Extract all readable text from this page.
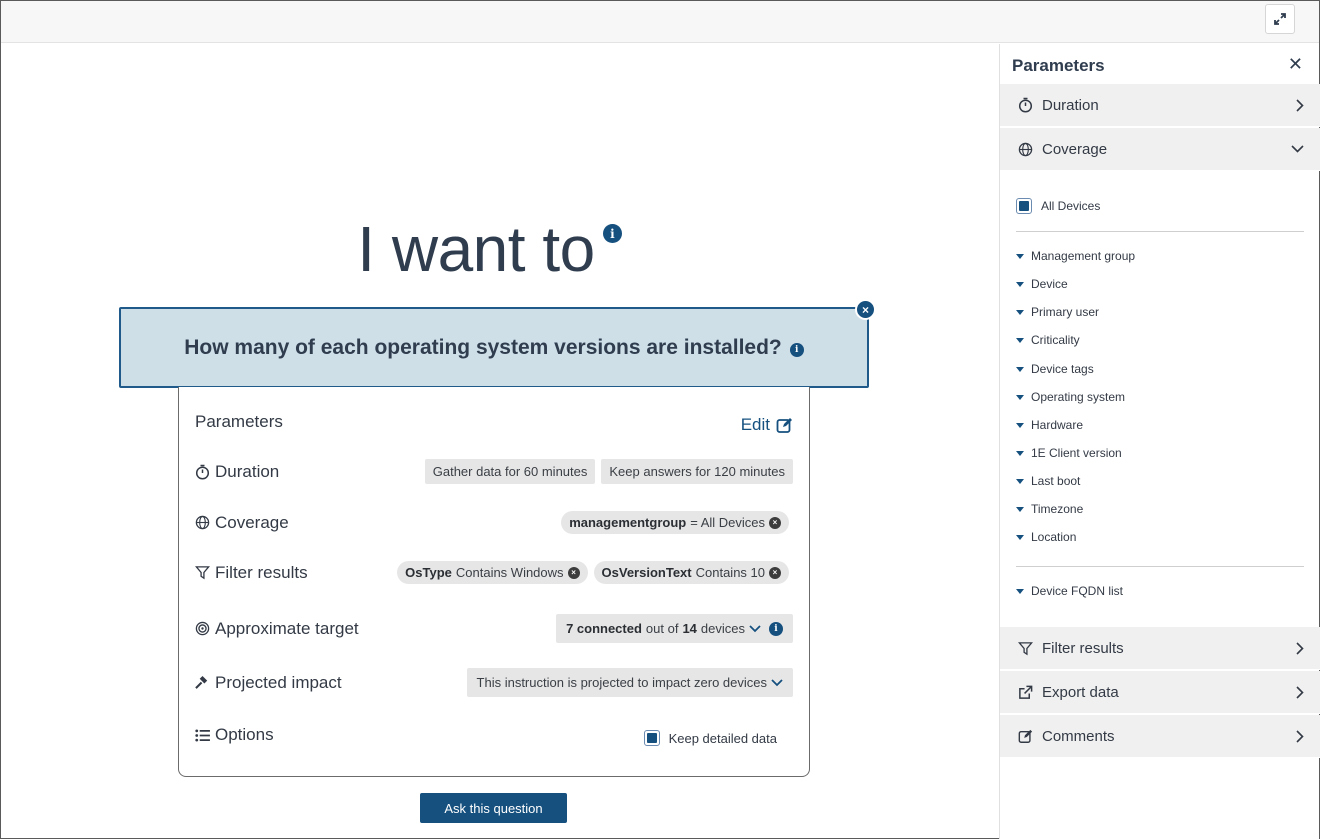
I want to	i
How many of each operating system versions are installed?	i
×
Parameters	Edit
Duration	Gather data for 60 minutes	Keep answers for 120 minutes
Coverage	managementgroup = All Devices ×
Filter results	OsType Contains Windows × OsVersionText Contains 10 ×
Approximate target	7 connected out of 14 devices	i
Projected impact	This instruction is projected to impact zero devices
Options	Keep detailed data
Ask this question
Parameters	✕
Duration
Coverage
All Devices
Management group
Device
Primary user
Criticality
Device tags
Operating system
Hardware
1E Client version
Last boot
Timezone
Location
Device FQDN list
Filter results
Export data
Comments
